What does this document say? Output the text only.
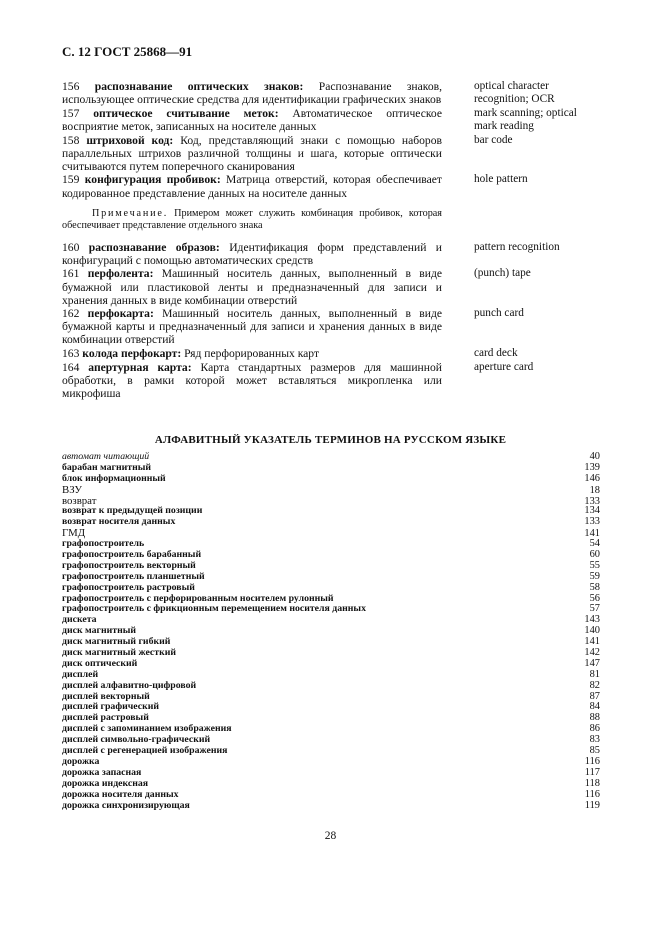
С. 12 ГОСТ 25868—91
156 распознавание оптических знаков: Распознавание знаков, использующее оптические средства для идентификации графических знаков
optical character recognition; OCR
157 оптическое считывание меток: Автоматическое оптическое восприятие меток, записанных на носителе данных
mark scanning; optical mark reading
158 штриховой код: Код, представляющий знаки с помощью наборов параллельных штрихов различной толщины и шага, которые оптически считываются путем поперечного сканирования
bar code
159 конфигурация пробивок: Матрица отверстий, которая обеспечивает кодированное представление данных на носителе данных
hole pattern
Примечание. Примером может служить комбинация пробивок, которая обеспечивает представление отдельного знака
160 распознавание образов: Идентификация форм представлений и конфигураций с помощью автоматических средств
pattern recognition
161 перфолента: Машинный носитель данных, выполненный в виде бумажной или пластиковой ленты и предназначенный для записи и хранения данных в виде комбинации отверстий
(punch) tape
162 перфокарта: Машинный носитель данных, выполненный в виде бумажной карты и предназначенный для записи и хранения данных в виде комбинации отверстий
punch card
163 колода перфокарт: Ряд перфорированных карт	card deck
164 апертурная карта: Карта стандартных размеров для машинной обработки, в рамки которой может вставляться микропленка или микрофиша
aperture card
АЛФАВИТНЫЙ УКАЗАТЕЛЬ ТЕРМИНОВ НА РУССКОМ ЯЗЫКЕ
автомат читающий	40
барабан магнитный	139
блок информационный	146
ВЗУ	18
возврат	133
возврат к предыдущей позиции	134
возврат носителя данных	133
ГМД	141
графопостроитель	54
графопостроитель барабанный	60
графопостроитель векторный	55
графопостроитель планшетный	59
графопостроитель растровый	58
графопостроитель с перфорированным носителем рулонный	56
графопостроитель с фрикционным перемещением носителя данных	57
дискета	143
диск магнитный	140
диск магнитный гибкий	141
диск магнитный жесткий	142
диск оптический	147
дисплей	81
дисплей алфавитно-цифровой	82
дисплей векторный	87
дисплей графический	84
дисплей растровый	88
дисплей с запоминанием изображения	86
дисплей символьно-графический	83
дисплей с регенерацией изображения	85
дорожка	116
дорожка запасная	117
дорожка индексная	118
дорожка носителя данных	116
дорожка синхронизирующая	119
28
